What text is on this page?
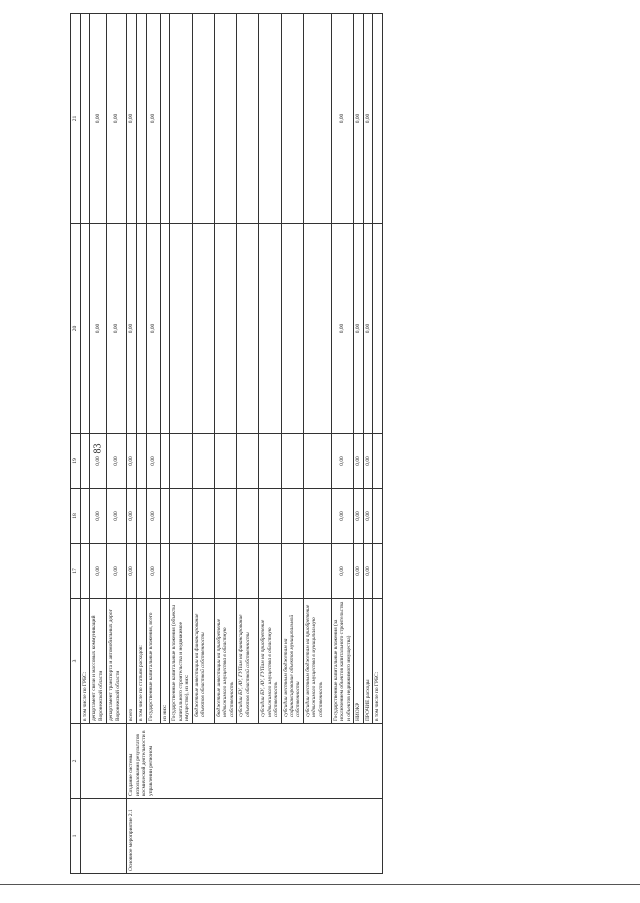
83
1	2	3	17	18	19	20	21
		в том числе по ГРБС:					
		департамент связи и массовых коммуникаций Воронежской области	0,00	0,00	0,00	0,00	0,00
		департамент транспорта и автомобильных дорог Воронежской области	0,00	0,00	0,00	0,00	0,00
Основное мероприятие 2.1	Создание системы использования результатов космической деятельности в управлении регионом	всего	0,00	0,00	0,00	0,00	0,00
		в том числе по статьям расходов:					
		Государственные капитальные вложения, всего	0,00	0,00	0,00	0,00	0,00
		из них:					
		Государственные капитальные вложения (объекты капитального строительства и недвижимое имущество), из них:					
		бюджетные инвестиции на финансирование объектов областной собственности					
		бюджетные инвестиции на приобретение недвижимого имущества в областную собственность					
		субсидии БУ, АУ, ГУПам на финансирование объектов областной собственности					
		субсидии БУ, АУ, ГУПам на приобретение недвижимого имущества в областную собственность					
		субсидии местным бюджетам на софинансирование объектов муниципальной собственности					
		субсидии местным бюджетам на приобретение недвижимого имущества в муниципальную собственность					
		Государственные капитальные вложения (за исключением объектов капитального строительства и объектов недвижимого имущества)	0,00	0,00	0,00	0,00	0,00
		НИОКР	0,00	0,00	0,00	0,00	0,00
		ПРОЧИЕ расходы	0,00	0,00	0,00	0,00	0,00
		в том числе по ГРБС:					
